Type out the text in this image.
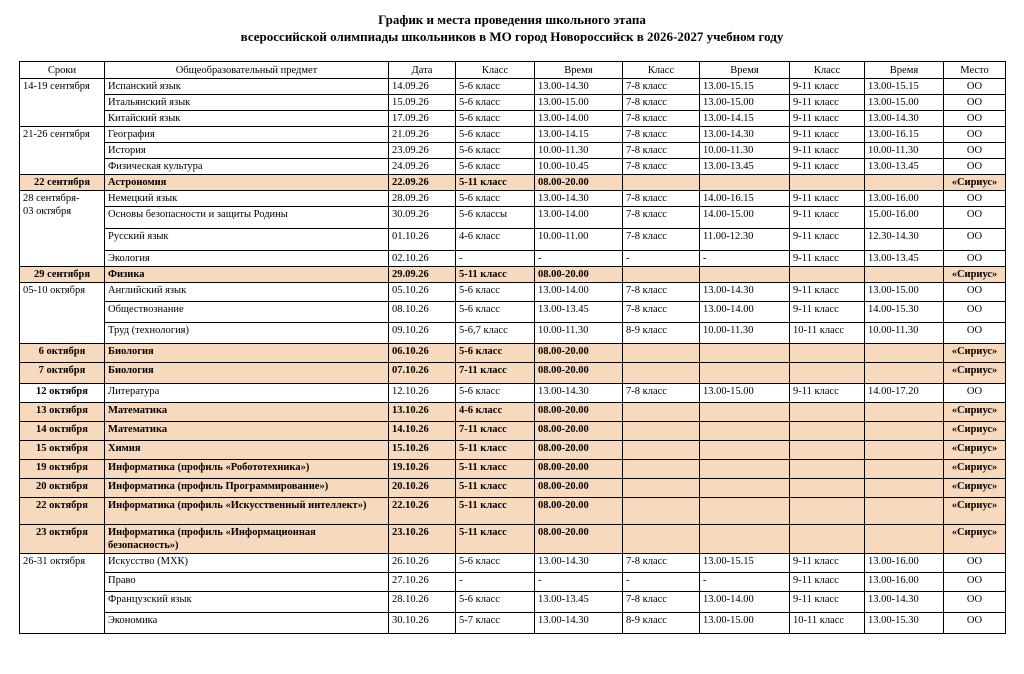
График и места проведения школьного этапа
всероссийской олимпиады школьников в МО город Новороссийск в 2026-2027 учебном году
Сроки	Общеобразовательный предмет	Дата	Класс	Время	Класс	Время	Класс	Время	Место
14-19 сентября	Испанский язык	14.09.26	5-6 класс	13.00-14.30	7-8 класс	13.00-15.15	9-11 класс	13.00-15.15	ОО
	Итальянский язык	15.09.26	5-6 класс	13.00-15.00	7-8 класс	13.00-15.00	9-11 класс	13.00-15.00	ОО
	Китайский язык	17.09.26	5-6 класс	13.00-14.00	7-8 класс	13.00-14.15	9-11 класс	13.00-14.30	ОО
21-26 сентября	География	21.09.26	5-6 класс	13.00-14.15	7-8 класс	13.00-14.30	9-11 класс	13.00-16.15	ОО
	История	23.09.26	5-6 класс	10.00-11.30	7-8 класс	10.00-11.30	9-11 класс	10.00-11.30	ОО
	Физическая культура	24.09.26	5-6 класс	10.00-10.45	7-8 класс	13.00-13.45	9-11 класс	13.00-13.45	ОО
22 сентября	Астрономия	22.09.26	5-11 класс	08.00-20.00					«Сириус»
28 сентября-
03 октября	Немецкий язык	28.09.26	5-6 класс	13.00-14.30	7-8 класс	14.00-16.15	9-11 класс	13.00-16.00	ОО
	Основы безопасности и защиты Родины	30.09.26	5-6 классы	13.00-14.00	7-8 класс	14.00-15.00	9-11 класс	15.00-16.00	ОО
	Русский язык	01.10.26	4-6 класс	10.00-11.00	7-8 класс	11.00-12.30	9-11 класс	12.30-14.30	ОО
	Экология	02.10.26	-	-	-	-	9-11 класс	13.00-13.45	ОО
29 сентября	Физика	29.09.26	5-11 класс	08.00-20.00					«Сириус»
05-10 октября	Английский язык	05.10.26	5-6 класс	13.00-14.00	7-8 класс	13.00-14.30	9-11 класс	13.00-15.00	ОО
	Обществознание	08.10.26	5-6 класс	13.00-13.45	7-8 класс	13.00-14.00	9-11 класс	14.00-15.30	ОО
	Труд (технология)	09.10.26	5-6,7 класс	10.00-11.30	8-9 класс	10.00-11.30	10-11 класс	10.00-11.30	ОО
6 октября	Биология	06.10.26	5-6 класс	08.00-20.00					«Сириус»
7 октября	Биология	07.10.26	7-11 класс	08.00-20.00					«Сириус»
12 октября	Литература	12.10.26	5-6 класс	13.00-14.30	7-8 класс	13.00-15.00	9-11 класс	14.00-17.20	ОО
13 октября	Математика	13.10.26	4-6 класс	08.00-20.00					«Сириус»
14 октября	Математика	14.10.26	7-11 класс	08.00-20.00					«Сириус»
15 октября	Химия	15.10.26	5-11 класс	08.00-20.00					«Сириус»
19 октября	Информатика (профиль «Робототехника»)	19.10.26	5-11 класс	08.00-20.00					«Сириус»
20 октября	Информатика (профиль Программирование»)	20.10.26	5-11 класс	08.00-20.00					«Сириус»
22 октября	Информатика (профиль «Искусственный интеллект»)	22.10.26	5-11 класс	08.00-20.00					«Сириус»
23 октября	Информатика (профиль «Информационная безопасность»)	23.10.26	5-11 класс	08.00-20.00					«Сириус»
26-31 октября	Искусство (МХК)	26.10.26	5-6 класс	13.00-14.30	7-8 класс	13.00-15.15	9-11 класс	13.00-16.00	ОО
	Право	27.10.26	-	-	-	-	9-11 класс	13.00-16.00	ОО
	Французский язык	28.10.26	5-6 класс	13.00-13.45	7-8 класс	13.00-14.00	9-11 класс	13.00-14.30	ОО
	Экономика	30.10.26	5-7 класс	13.00-14.30	8-9 класс	13.00-15.00	10-11 класс	13.00-15.30	ОО
